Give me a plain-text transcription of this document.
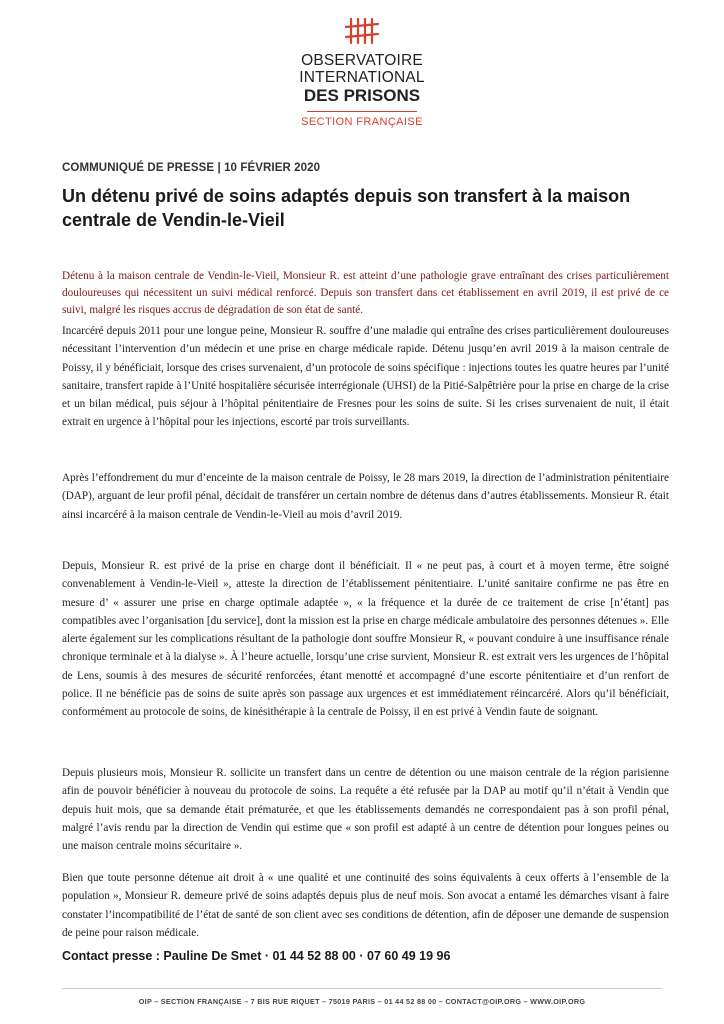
OBSERVATOIRE INTERNATIONAL
DES PRISONS
SECTION FRANÇAISE
COMMUNIQUÉ DE PRESSE | 10 FÉVRIER 2020
Un détenu privé de soins adaptés depuis son transfert à la maison centrale de Vendin-le-Vieil
Détenu à la maison centrale de Vendin-le-Vieil, Monsieur R. est atteint d’une pathologie grave entraînant des crises particulièrement douloureuses qui nécessitent un suivi médical renforcé. Depuis son transfert dans cet établissement en avril 2019, il est privé de ce suivi, malgré les risques accrus de dégradation de son état de santé.

Incarcéré depuis 2011 pour une longue peine, Monsieur R. souffre d’une maladie qui entraîne des crises particulièrement douloureuses nécessitant l’intervention d’un médecin et une prise en charge médicale rapide. Détenu jusqu’en avril 2019 à la maison centrale de Poissy, il y bénéficiait, lorsque des crises survenaient, d’un protocole de soins spécifique : injections toutes les quatre heures par l’unité sanitaire, transfert rapide à l’Unité hospitalière sécurisée interrégionale (UHSI) de la Pitié-Salpêtrière pour la prise en charge de la crise et un bilan médical, puis séjour à l’hôpital pénitentiaire de Fresnes pour les soins de suite. Si les crises survenaient de nuit, il était extrait en urgence à l’hôpital pour les injections, escorté par trois surveillants.

Après l’effondrement du mur d’enceinte de la maison centrale de Poissy, le 28 mars 2019, la direction de l’administration pénitentiaire (DAP), arguant de leur profil pénal, décidait de transférer un certain nombre de détenus dans d’autres établissements. Monsieur R. était ainsi incarcéré à la maison centrale de Vendin-le-Vieil au mois d’avril 2019.

Depuis, Monsieur R. est privé de la prise en charge dont il bénéficiait. Il « ne peut pas, à court et à moyen terme, être soigné convenablement à Vendin-le-Vieil », atteste la direction de l’établissement pénitentiaire. L’unité sanitaire confirme ne pas être en mesure d’ « assurer une prise en charge optimale adaptée », « la fréquence et la durée de ce traitement de crise [n’étant] pas compatibles avec l’organisation [du service], dont la mission est la prise en charge médicale ambulatoire des personnes détenues ». Elle alerte également sur les complications résultant de la pathologie dont souffre Monsieur R, « pouvant conduire à une insuffisance rénale chronique terminale et à la dialyse ». À l’heure actuelle, lorsqu’une crise survient, Monsieur R. est extrait vers les urgences de l’hôpital de Lens, soumis à des mesures de sécurité renforcées, étant menotté et accompagné d’une escorte pénitentiaire et d’un renfort de police. Il ne bénéficie pas de soins de suite après son passage aux urgences et est immédiatement réincarcéré. Alors qu’il bénéficiait, conformément au protocole de soins, de kinésithérapie à la centrale de Poissy, il en est privé à Vendin faute de soignant.

Depuis plusieurs mois, Monsieur R. sollicite un transfert dans un centre de détention ou une maison centrale de la région parisienne afin de pouvoir bénéficier à nouveau du protocole de soins. La requête a été refusée par la DAP au motif qu’il n’était à Vendin que depuis huit mois, que sa demande était prématurée, et que les établissements demandés ne correspondaient pas à son profil pénal, malgré l’avis rendu par la direction de Vendin qui estime que « son profil est adapté à un centre de détention pour longues peines ou une maison centrale moins sécuritaire ».

Bien que toute personne détenue ait droit à « une qualité et une continuité des soins équivalents à ceux offerts à l’ensemble de la population », Monsieur R. demeure privé de soins adaptés depuis plus de neuf mois. Son avocat a entamé les démarches visant à faire constater l’incompatibilité de l’état de santé de son client avec ses conditions de détention, afin de déposer une demande de suspension de peine pour raison médicale.

Contact presse : Pauline De Smet · 01 44 52 88 00 · 07 60 49 19 96
OIP – SECTION FRANÇAISE – 7 BIS RUE RIQUET – 75019 PARIS – 01 44 52 88 00 – CONTACT@OIP.ORG – WWW.OIP.ORG
